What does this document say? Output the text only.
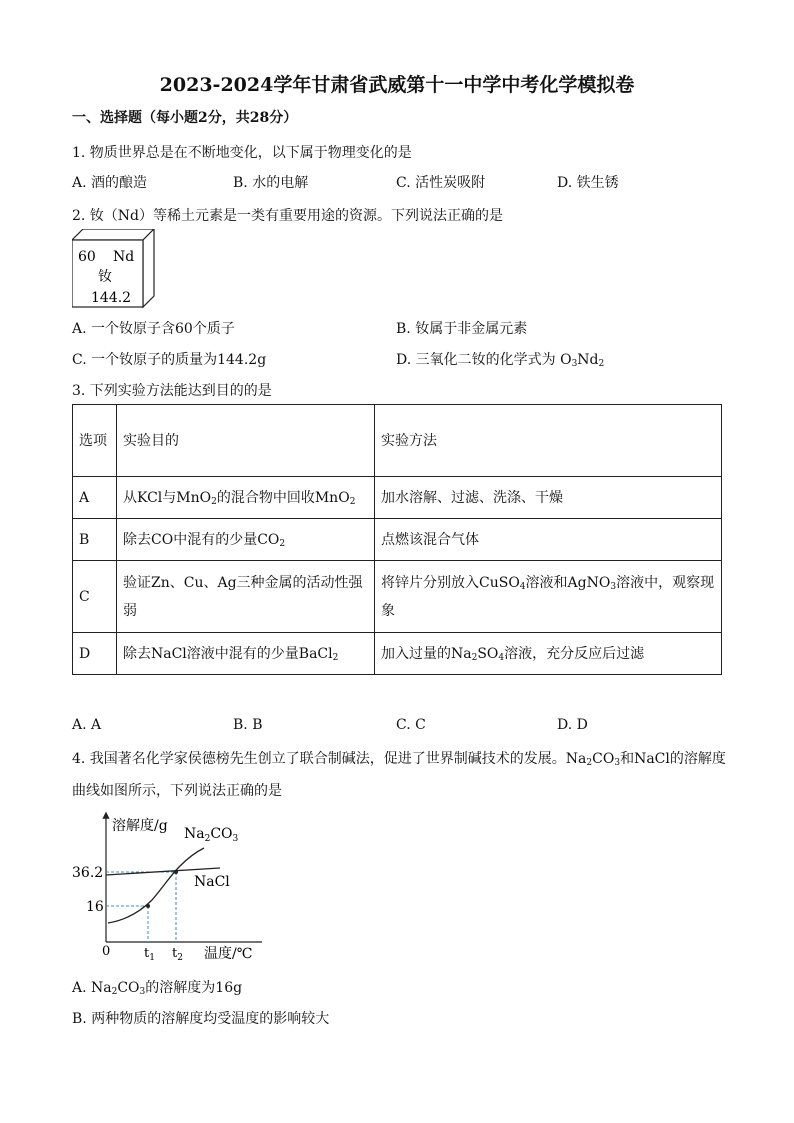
2023-2024学年甘肃省武威第十一中学中考化学模拟卷
一、选择题（每小题2分，共28分）
1. 物质世界总是在不断地变化，以下属于物理变化的是
A. 酒的酿造	B. 水的电解	C. 活性炭吸附	D. 铁生锈
2. 钕（Nd）等稀土元素是一类有重要用途的资源。下列说法正确的是
60 Nd
钕
144.2
A. 一个钕原子含60个质子	B. 钕属于非金属元素
C. 一个钕原子的质量为144.2g	D. 三氧化二钕的化学式为 $O_3Nd_2$
3. 下列实验方法能达到目的的是
选项	实验目的	实验方法
A	从KCl与MnO$_2$的混合物中回收MnO$_2$	加水溶解、过滤、洗涤、干燥
B	除去CO中混有的少量$CO_2$	点燃该混合气体
C	验证Zn、Cu、Ag三种金属的活动性强弱	将锌片分别放入CuSO$_4$溶液和AgNO$_3$溶液中，观察现象
D	除去NaCl溶液中混有的少量BaCl$_2$	加入过量的$Na_2SO_4$溶液，充分反应后过滤
A. A	B. B	C. C	D. D
4. 我国著名化学家侯德榜先生创立了联合制碱法，促进了世界制碱技术的发展。$Na_2CO_3$和NaCl的溶解度
曲线如图所示，下列说法正确的是
溶解度/g $Na_2CO_3$
NaCl
36.2
16
0	$t_1$ $t_2$ 温度/℃
A. $Na_2CO_3$的溶解度为16g
B. 两种物质的溶解度均受温度的影响较大
